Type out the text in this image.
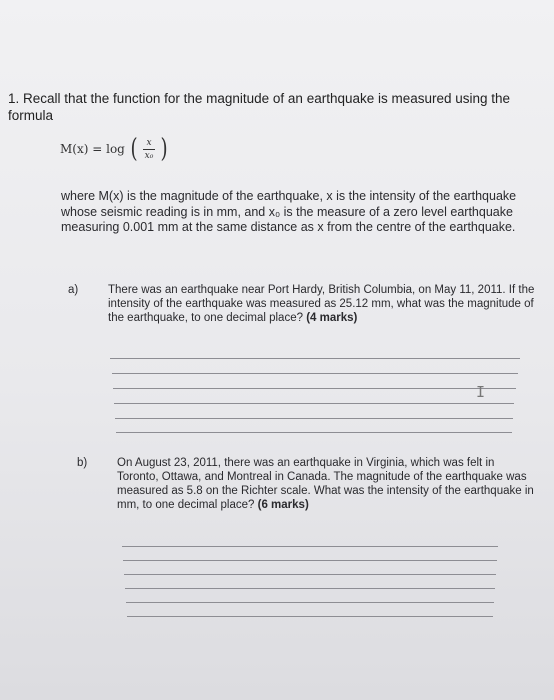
1. Recall that the function for the magnitude of an earthquake is measured using the formula
M(x) = log ( $\frac{x}{\text{x₀}}$ )
where M(x) is the magnitude of the earthquake, x is the intensity of the earthquake whose seismic reading is in mm, and x₀ is the measure of a zero level earthquake measuring 0.001 mm at the same distance as x from the centre of the earthquake.
a)	There was an earthquake near Port Hardy, British Columbia, on May 11, 2011. If the intensity of the earthquake was measured as 25.12 mm, what was the magnitude of the earthquake, to one decimal place? (4 marks)
I
b)	On August 23, 2011, there was an earthquake in Virginia, which was felt in Toronto, Ottawa, and Montreal in Canada. The magnitude of the earthquake was measured as 5.8 on the Richter scale. What was the intensity of the earthquake in mm, to one decimal place? (6 marks)
